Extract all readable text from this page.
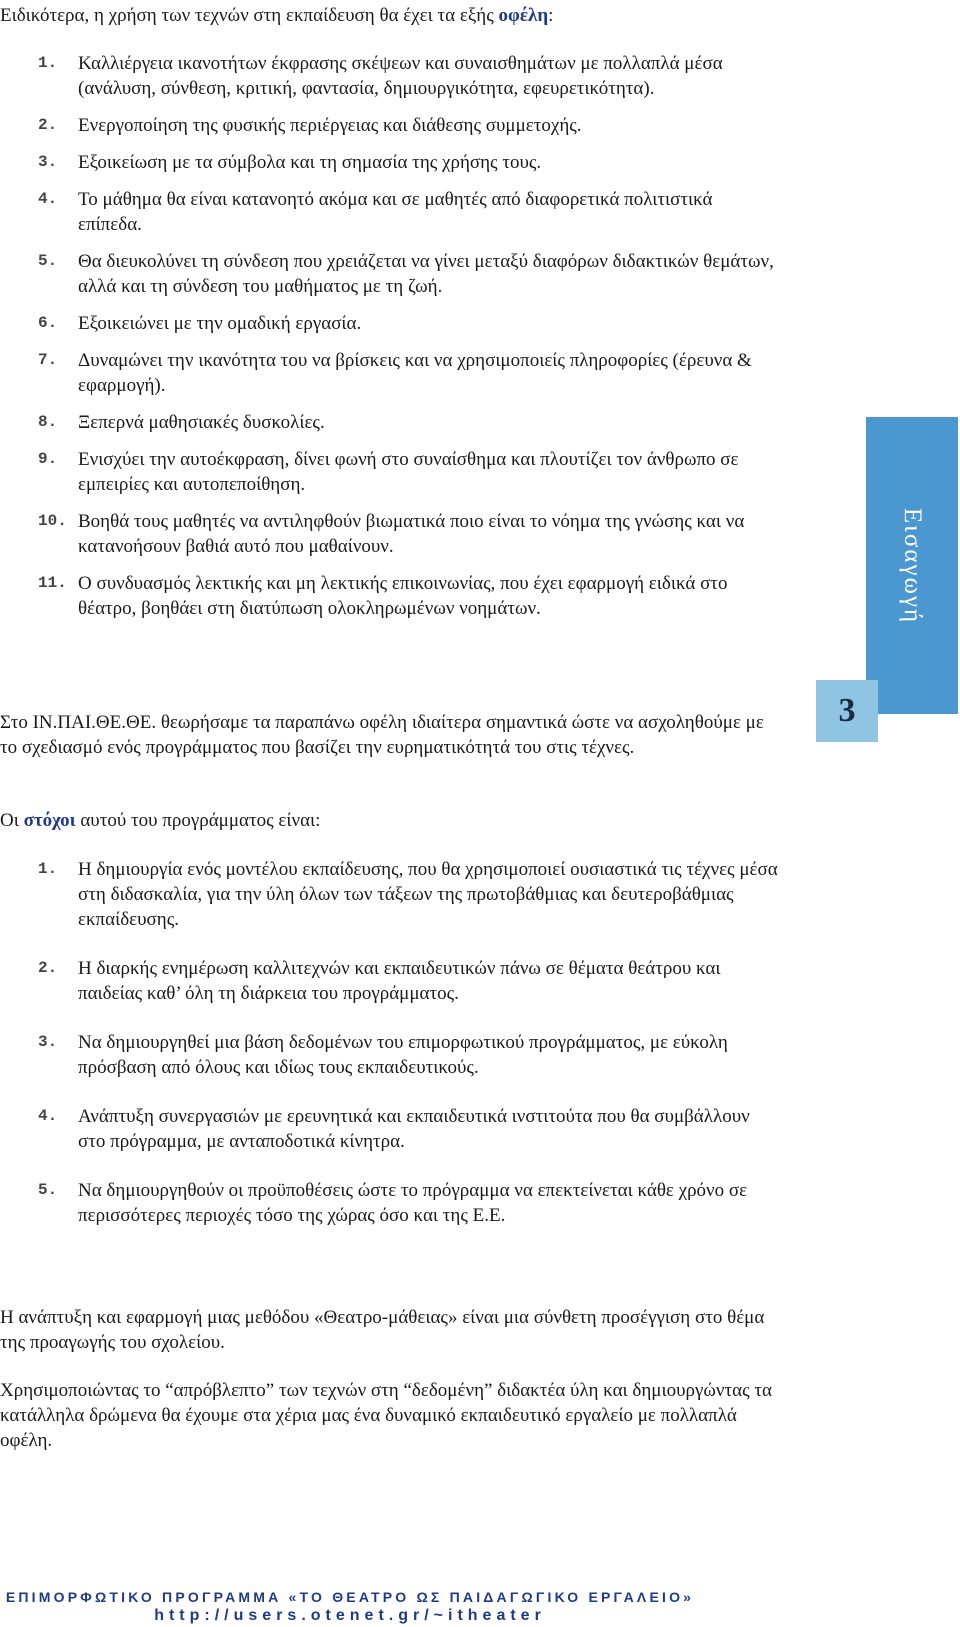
Ειδικότερα, η χρήση των τεχνών στη εκπαίδευση θα έχει τα εξής οφέλη:

1. Καλλιέργεια ικανοτήτων έκφρασης σκέψεων και συναισθημάτων με πολλαπλά μέσα (ανάλυση, σύνθεση, κριτική, φαντασία, δημιουργικότητα, εφευρετικότητα).
2. Ενεργοποίηση της φυσικής περιέργειας και διάθεσης συμμετοχής.
3. Εξοικείωση με τα σύμβολα και τη σημασία της χρήσης τους.
4. Το μάθημα θα είναι κατανοητό ακόμα και σε μαθητές από διαφορετικά πολιτιστικά επίπεδα.
5. Θα διευκολύνει τη σύνδεση που χρειάζεται να γίνει μεταξύ διαφόρων διδακτικών θεμάτων, αλλά και τη σύνδεση του μαθήματος με τη ζωή.
6. Εξοικειώνει με την ομαδική εργασία.
7. Δυναμώνει την ικανότητα του να βρίσκεις και να χρησιμοποιείς πληροφορίες (έρευνα & εφαρμογή).
8. Ξεπερνά μαθησιακές δυσκολίες.
9. Ενισχύει την αυτοέκφραση, δίνει φωνή στο συναίσθημα και πλουτίζει τον άνθρωπο σε εμπειρίες και αυτοπεποίθηση.
10. Βοηθά τους μαθητές να αντιληφθούν βιωματικά ποιο είναι το νόημα της γνώσης και να κατανοήσουν βαθιά αυτό που μαθαίνουν.
11. Ο συνδυασμός λεκτικής και μη λεκτικής επικοινωνίας, που έχει εφαρμογή ειδικά στο θέατρο, βοηθάει στη διατύπωση ολοκληρωμένων νοημάτων.

Στο ΙΝ.ΠΑΙ.ΘΕ.ΘΕ. θεωρήσαμε τα παραπάνω οφέλη ιδιαίτερα σημαντικά ώστε να ασχοληθούμε με το σχεδιασμό ενός προγράμματος που βασίζει την ευρηματικότητά του στις τέχνες.

Οι στόχοι αυτού του προγράμματος είναι:

1. Η δημιουργία ενός μοντέλου εκπαίδευσης, που θα χρησιμοποιεί ουσιαστικά τις τέχνες μέσα στη διδασκαλία, για την ύλη όλων των τάξεων της πρωτοβάθμιας και δευτεροβάθμιας εκπαίδευσης.
2. Η διαρκής ενημέρωση καλλιτεχνών και εκπαιδευτικών πάνω σε θέματα θεάτρου και παιδείας καθ’ όλη τη διάρκεια του προγράμματος.
3. Να δημιουργηθεί μια βάση δεδομένων του επιμορφωτικού προγράμματος, με εύκολη πρόσβαση από όλους και ιδίως τους εκπαιδευτικούς.
4. Ανάπτυξη συνεργασιών με ερευνητικά και εκπαιδευτικά ινστιτούτα που θα συμβάλλουν στο πρόγραμμα, με ανταποδοτικά κίνητρα.
5. Να δημιουργηθούν οι προϋποθέσεις ώστε το πρόγραμμα να επεκτείνεται κάθε χρόνο σε περισσότερες περιοχές τόσο της χώρας όσο και της Ε.Ε.

Η ανάπτυξη και εφαρμογή μιας μεθόδου «Θεατρο-μάθειας» είναι μια σύνθετη προσέγγιση στο θέμα της προαγωγής του σχολείου.

Χρησιμοποιώντας το “απρόβλεπτο” των τεχνών στη “δεδομένη” διδακτέα ύλη και δημιουργώντας τα κατάλληλα δρώμενα θα έχουμε στα χέρια μας ένα δυναμικό εκπαιδευτικό εργαλείο με πολλαπλά οφέλη.

Εισαγωγή
3
ΕΠΙΜΟΡΦΩΤΙΚΟ ΠΡΟΓΡΑΜΜΑ «ΤΟ ΘΕΑΤΡΟ ΩΣ ΠΑΙΔΑΓΩΓΙΚΟ ΕΡΓΑΛΕΙΟ»
http://users.otenet.gr/~itheater
